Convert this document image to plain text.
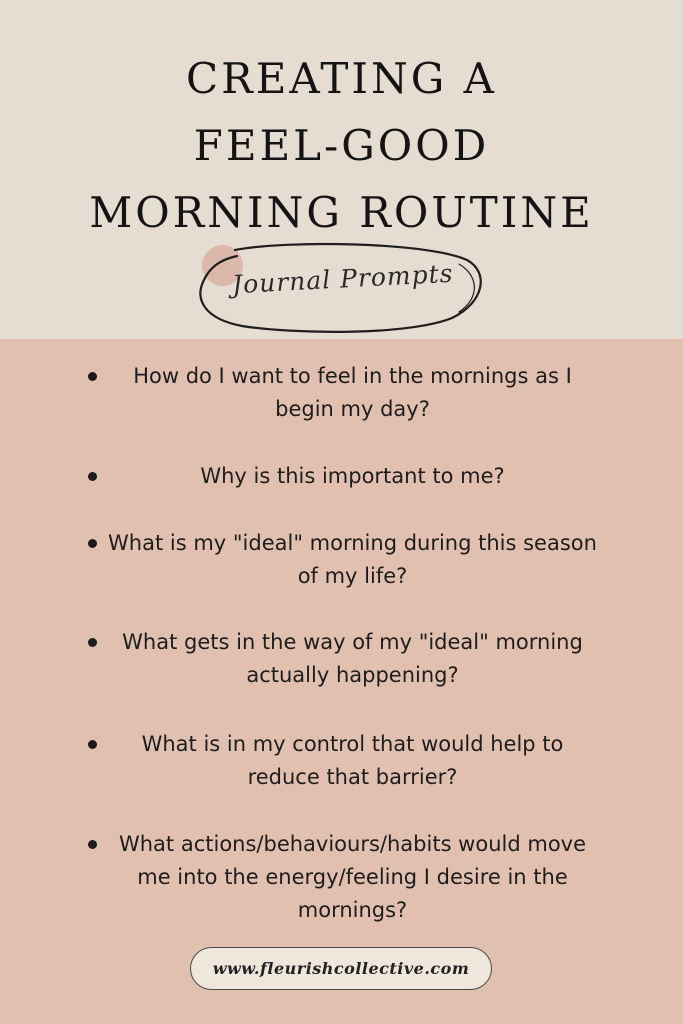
CREATING A
FEEL-GOOD
MORNING ROUTINE
Journal Prompts
How do I want to feel in the mornings as I begin my day?
Why is this important to me?
What is my "ideal" morning during this season of my life?
What gets in the way of my "ideal" morning actually happening?
What is in my control that would help to reduce that barrier?
What actions/behaviours/habits would move me into the energy/feeling I desire in the mornings?
www.fleurishcollective.com
